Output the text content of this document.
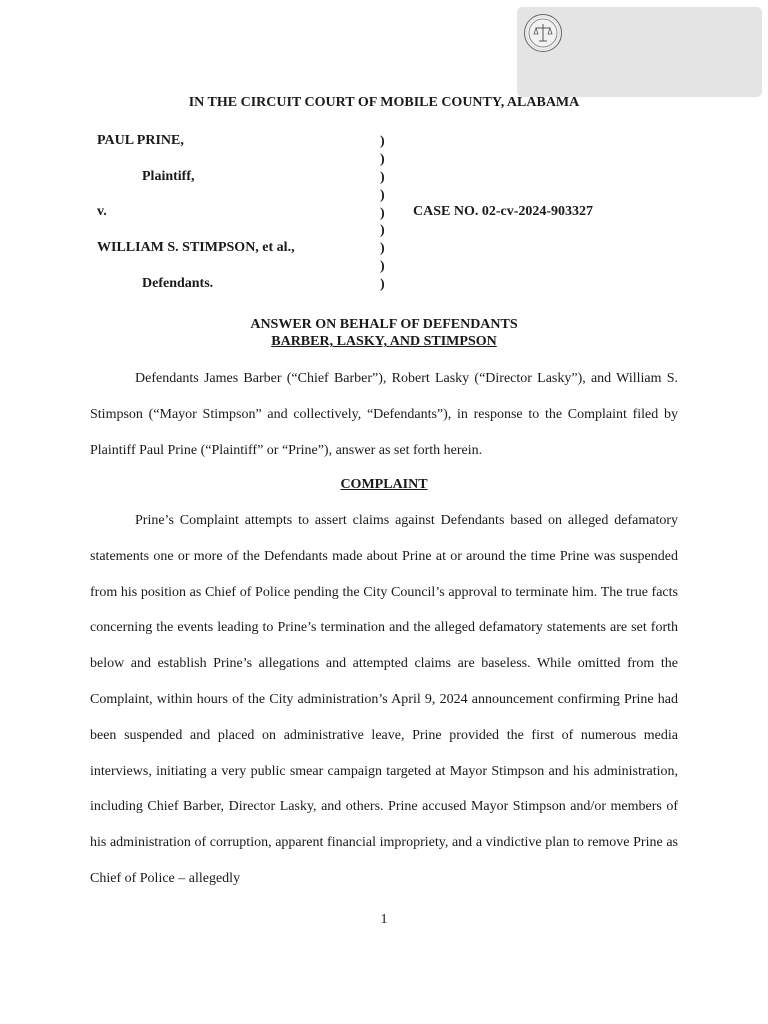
IN THE CIRCUIT COURT OF MOBILE COUNTY, ALABAMA
PAUL PRINE,
Plaintiff,
v.
WILLIAM S. STIMPSON, et al.,
Defendants.
)
)
)
)
)
)
)
)
)
CASE NO. 02-cv-2024-903327
ANSWER ON BEHALF OF DEFENDANTS
BARBER, LASKY, AND STIMPSON

Defendants James Barber (“Chief Barber”), Robert Lasky (“Director Lasky”), and William S. Stimpson (“Mayor Stimpson” and collectively, “Defendants”), in response to the Complaint filed by Plaintiff Paul Prine (“Plaintiff” or “Prine”), answer as set forth herein.

COMPLAINT

Prine’s Complaint attempts to assert claims against Defendants based on alleged defamatory statements one or more of the Defendants made about Prine at or around the time Prine was suspended from his position as Chief of Police pending the City Council’s approval to terminate him. The true facts concerning the events leading to Prine’s termination and the alleged defamatory statements are set forth below and establish Prine’s allegations and attempted claims are baseless. While omitted from the Complaint, within hours of the City administration’s April 9, 2024 announcement confirming Prine had been suspended and placed on administrative leave, Prine provided the first of numerous media interviews, initiating a very public smear campaign targeted at Mayor Stimpson and his administration, including Chief Barber, Director Lasky, and others. Prine accused Mayor Stimpson and/or members of his administration of corruption, apparent financial impropriety, and a vindictive plan to remove Prine as Chief of Police – allegedly

1
